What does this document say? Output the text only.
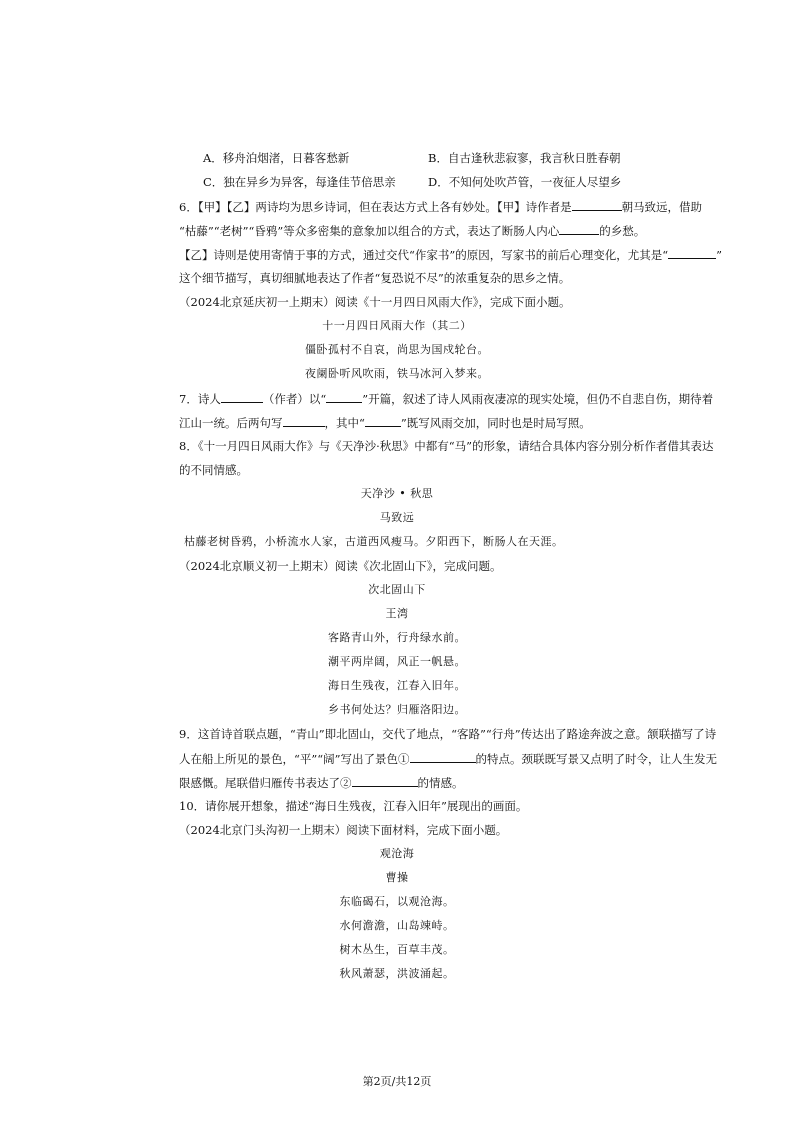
A．移舟泊烟渚，日暮客愁新	B．自古逢秋悲寂寥，我言秋日胜春朝
C．独在异乡为异客，每逢佳节倍思亲	D．不知何处吹芦管，一夜征人尽望乡
6．【甲】【乙】两诗均为思乡诗词，但在表达方式上各有妙处。【甲】诗作者是	朝马致远，借助
“枯藤”“老树”“昏鸦”等众多密集的意象加以组合的方式，表达了断肠人内心	的乡愁。
【乙】诗则是使用寄情于事的方式，通过交代“作家书”的原因，写家书的前后心理变化，尤其是“	”
这个细节描写，真切细腻地表达了作者“复恐说不尽”的浓重复杂的思乡之情。
（2024北京延庆初一上期末）阅读《十一月四日风雨大作》，完成下面小题。
十一月四日风雨大作（其二）
僵卧孤村不自哀，尚思为国戍轮台。
夜阑卧听风吹雨，铁马冰河入梦来。
7．诗人	（作者）以“	”开篇，叙述了诗人风雨夜凄凉的现实处境，但仍不自悲自伤，期待着
江山一统。后两句写	，其中“	”既写风雨交加，同时也是时局写照。
8．《十一月四日风雨大作》与《天净沙·秋思》中都有“马”的形象，请结合具体内容分别分析作者借其表达
的不同情感。
天净沙 • 秋思
马致远
枯藤老树昏鸦，小桥流水人家，古道西风瘦马。夕阳西下，断肠人在天涯。
（2024北京顺义初一上期末）阅读《次北固山下》，完成问题。
次北固山下
王湾
客路青山外，行舟绿水前。
潮平两岸阔，风正一帆悬。
海日生残夜，江春入旧年。
乡书何处达？归雁洛阳边。
9．这首诗首联点题，“青山”即北固山，交代了地点，“客路”“行舟”传达出了路途奔波之意。颔联描写了诗
人在船上所见的景色，“平”“阔”写出了景色①	的特点。颈联既写景又点明了时令，让人生发无
限感慨。尾联借归雁传书表达了②	的情感。
10．请你展开想象，描述“海日生残夜，江春入旧年”展现出的画面。
（2024北京门头沟初一上期末）阅读下面材料，完成下面小题。
观沧海
曹操
东临碣石，以观沧海。
水何澹澹，山岛竦峙。
树木丛生，百草丰茂。
秋风萧瑟，洪波涌起。
第2页/共12页
